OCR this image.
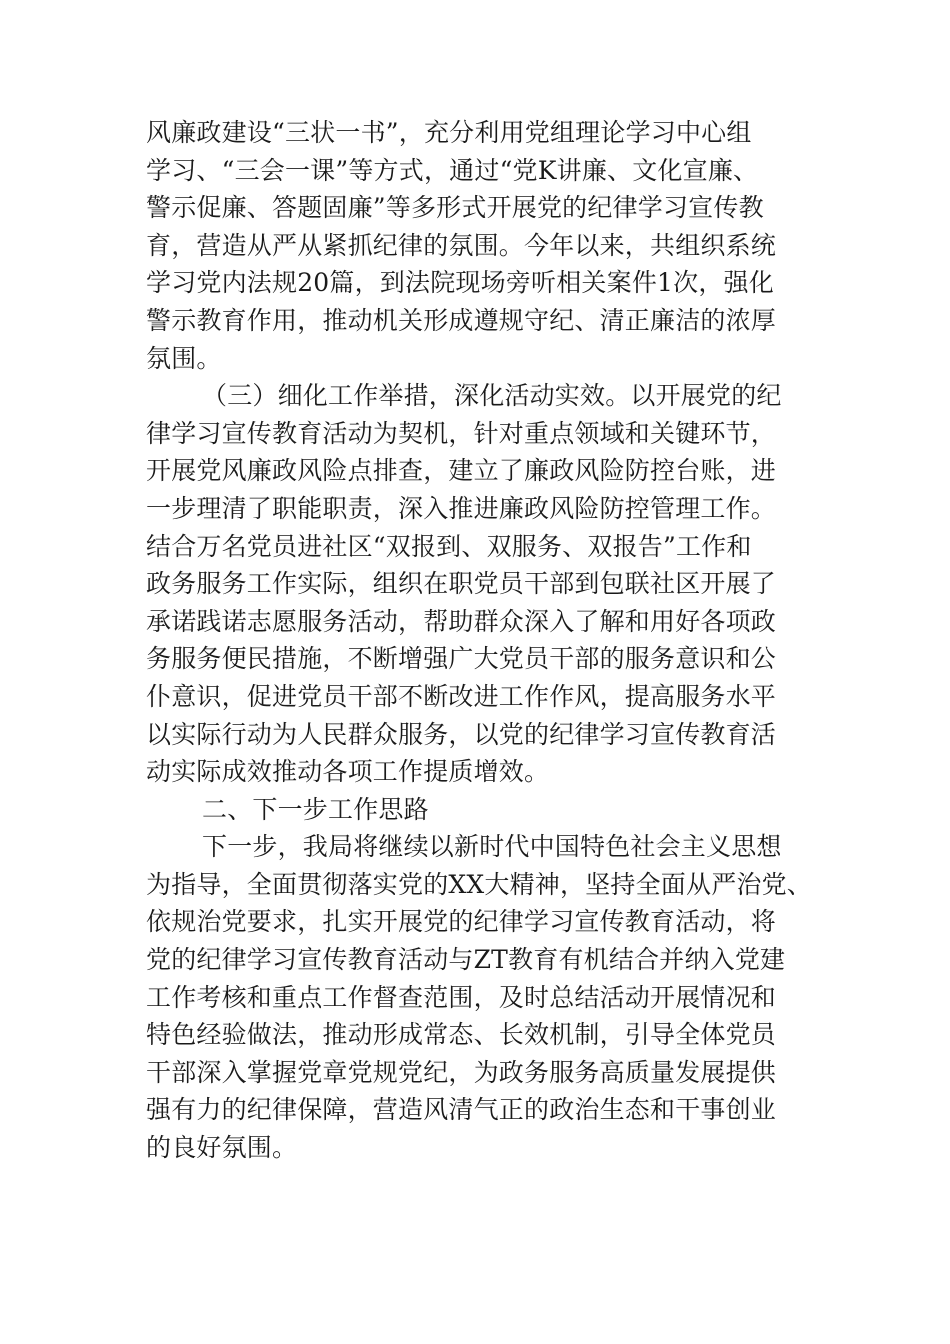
风廉政建设“三状一书”，充分利用党组理论学习中心组
学习、“三会一课”等方式，通过“党K讲廉、文化宣廉、
警示促廉、答题固廉”等多形式开展党的纪律学习宣传教
育，营造从严从紧抓纪律的氛围。今年以来，共组织系统
学习党内法规20篇，到法院现场旁听相关案件1次，强化
警示教育作用，推动机关形成遵规守纪、清正廉洁的浓厚
氛围。
（三）细化工作举措，深化活动实效。以开展党的纪
律学习宣传教育活动为契机，针对重点领域和关键环节，
开展党风廉政风险点排查，建立了廉政风险防控台账，进
一步理清了职能职责，深入推进廉政风险防控管理工作。
结合万名党员进社区“双报到、双服务、双报告”工作和
政务服务工作实际，组织在职党员干部到包联社区开展了
承诺践诺志愿服务活动，帮助群众深入了解和用好各项政
务服务便民措施，不断增强广大党员干部的服务意识和公
仆意识，促进党员干部不断改进工作作风，提高服务水平
以实际行动为人民群众服务，以党的纪律学习宣传教育活
动实际成效推动各项工作提质增效。
二、下一步工作思路
下一步，我局将继续以新时代中国特色社会主义思想
为指导，全面贯彻落实党的XX大精神，坚持全面从严治党、
依规治党要求，扎实开展党的纪律学习宣传教育活动，将
党的纪律学习宣传教育活动与ZT教育有机结合并纳入党建
工作考核和重点工作督查范围，及时总结活动开展情况和
特色经验做法，推动形成常态、长效机制，引导全体党员
干部深入掌握党章党规党纪，为政务服务高质量发展提供
强有力的纪律保障，营造风清气正的政治生态和干事创业
的良好氛围。
